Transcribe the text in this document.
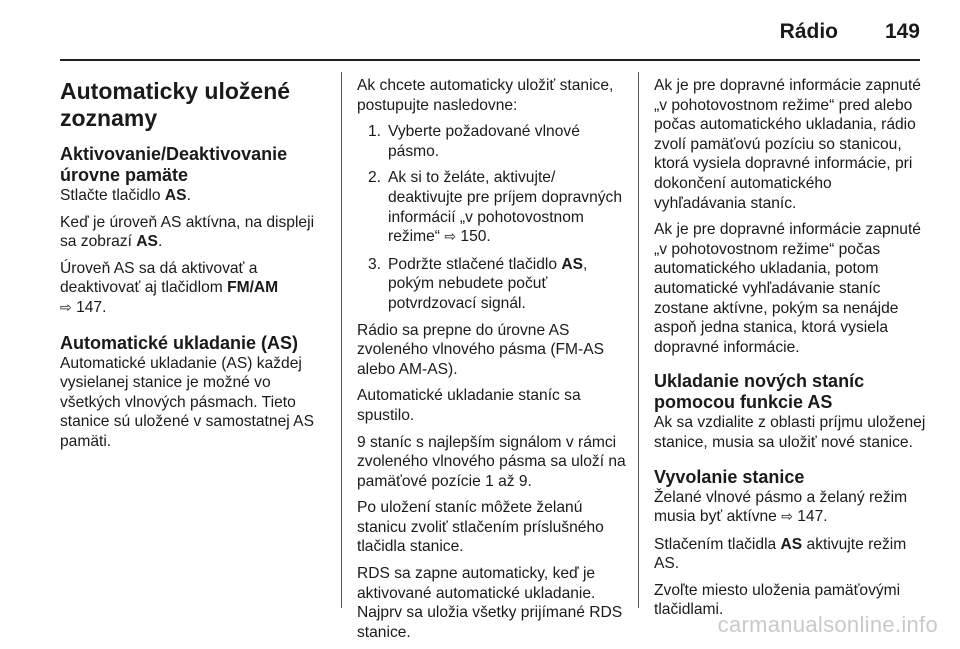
Rádio 149
Automaticky uložené zoznamy
Aktivovanie/Deaktivovanie úrovne pamäte

Stlačte tlačidlo AS.

Keď je úroveň AS aktívna, na displeji sa zobrazí AS.

Úroveň AS sa dá aktivovať a deaktivovať aj tlačidlom FM/AM
⇨ 147.

Automatické ukladanie (AS)

Automatické ukladanie (AS) každej vysielanej stanice je možné vo všetkých vlnových pásmach. Tieto stanice sú uložené v samostatnej AS pamäti.

Ak chcete automaticky uložiť stanice, postupujte nasledovne:

1. Vyberte požadované vlnové pásmo.
2. Ak si to želáte, aktivujte/ deaktivujte pre príjem dopravných informácií „v pohotovostnom režime“ ⇨ 150.
3. Podržte stlačené tlačidlo AS, pokým nebudete počuť potvrdzovací signál.

Rádio sa prepne do úrovne AS zvoleného vlnového pásma (FM-AS alebo AM-AS).

Automatické ukladanie staníc sa spustilo.

9 staníc s najlepším signálom v rámci zvoleného vlnového pásma sa uloží na pamäťové pozície 1 až 9.

Po uložení staníc môžete želanú stanicu zvoliť stlačením príslušného tlačidla stanice.

RDS sa zapne automaticky, keď je aktivované automatické ukladanie. Najprv sa uložia všetky prijímané RDS stanice.

Ak je pre dopravné informácie zapnuté „v pohotovostnom režime“ pred alebo počas automatického ukladania, rádio zvolí pamäťovú pozíciu so stanicou, ktorá vysiela dopravné informácie, pri dokončení automatického vyhľadávania staníc.

Ak je pre dopravné informácie zapnuté „v pohotovostnom režime“ počas automatického ukladania, potom automatické vyhľadávanie staníc zostane aktívne, pokým sa nenájde aspoň jedna stanica, ktorá vysiela dopravné informácie.

Ukladanie nových staníc pomocou funkcie AS

Ak sa vzdialite z oblasti príjmu uloženej stanice, musia sa uložiť nové stanice.

Vyvolanie stanice

Želané vlnové pásmo a želaný režim musia byť aktívne ⇨ 147.

Stlačením tlačidla AS aktivujte režim AS.

Zvoľte miesto uloženia pamäťovými tlačidlami.

carmanualsonline.info
